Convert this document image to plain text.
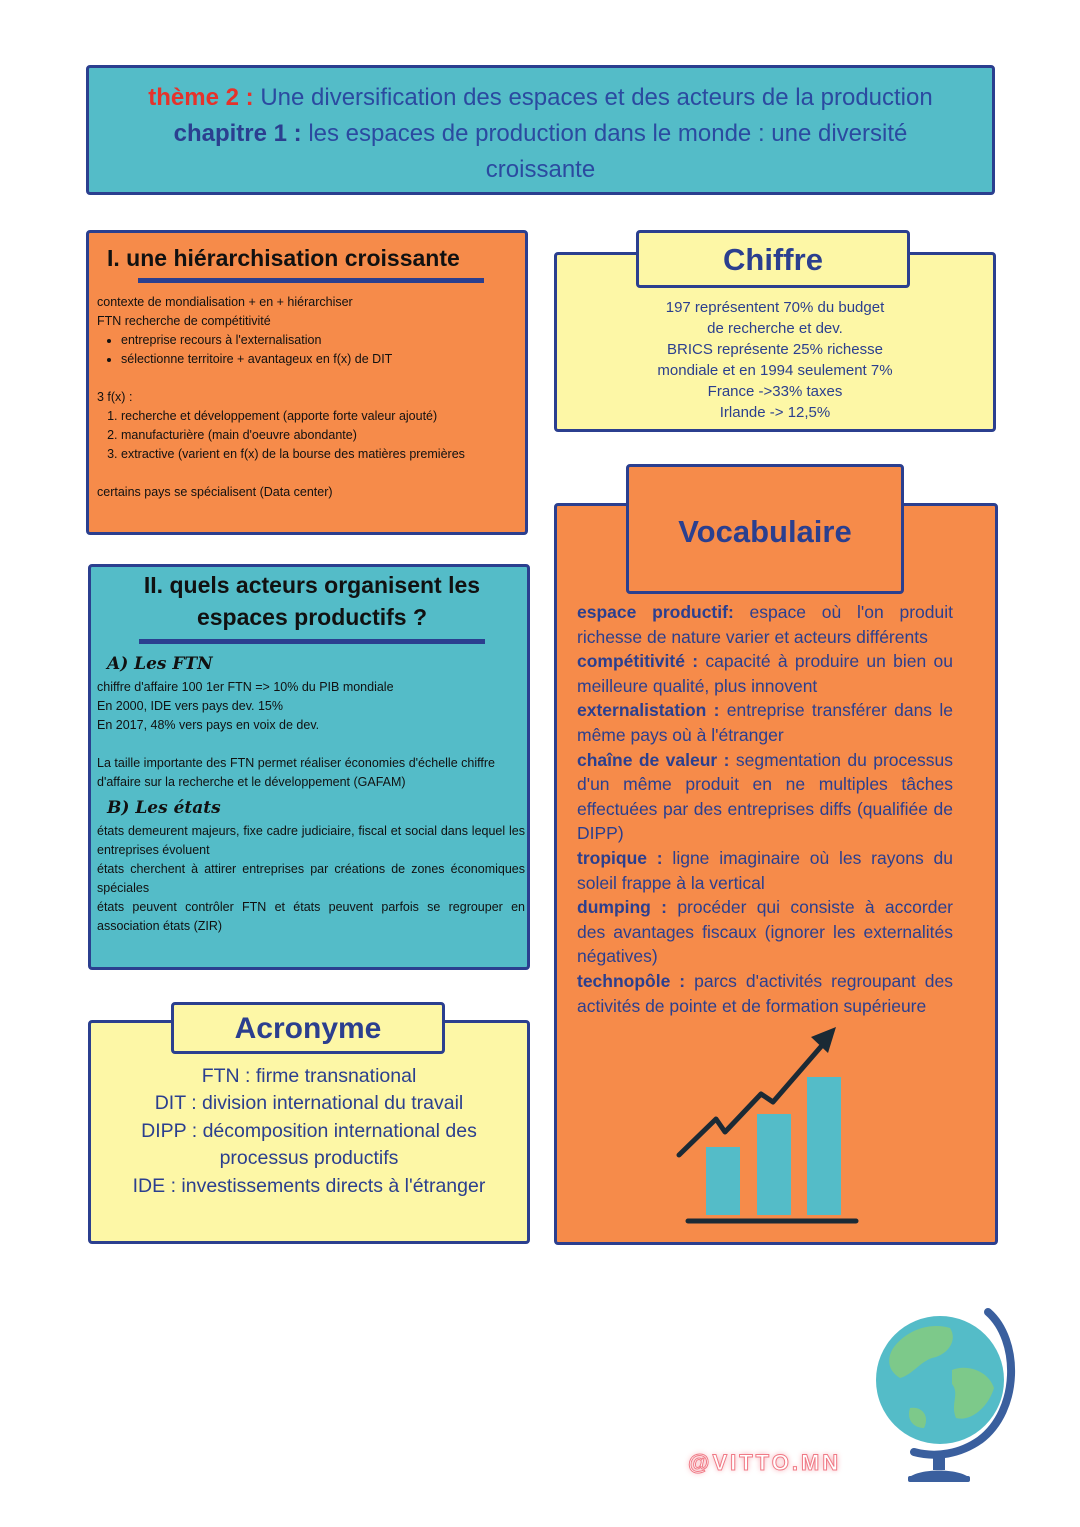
thème 2 : Une diversification des espaces et des acteurs de la production
chapitre 1 : les espaces de production dans le monde : une diversité
croissante
I. une hiérarchisation croissante
contexte de mondialisation + en + hiérarchiser
FTN recherche de compétitivité
• entreprise recours à l'externalisation
• sélectionne territoire + avantageux en f(x) de DIT
3 f(x) :
1. recherche et développement (apporte forte valeur ajouté)
2. manufacturière (main d'oeuvre abondante)
3. extractive (varient en f(x) de la bourse des matières premières
certains pays se spécialisent (Data center)
II. quels acteurs organisent les espaces productifs ?
A) Les FTN
chiffre d'affaire 100 1er FTN => 10% du PIB mondiale
En 2000, IDE vers pays dev. 15%
En 2017, 48% vers pays en voix de dev.
La taille importante des FTN permet réaliser économies d'échelle chiffre d'affaire sur la recherche et le développement (GAFAM)
B) Les états
états demeurent majeurs, fixe cadre judiciaire, fiscal et social dans lequel les entreprises évoluent
états cherchent à attirer entreprises par créations de zones économiques spéciales
états peuvent contrôler FTN et états peuvent parfois se regrouper en association états (ZIR)
197 représentent 70% du budget
de recherche et dev.
BRICS représente 25% richesse
mondiale et en 1994 seulement 7%
France ->33% taxes
Irlande -> 12,5%
Chiffre
espace productif: espace où l'on produit richesse de nature varier et acteurs différents
compétitivité : capacité à produire un bien ou meilleure qualité, plus innovent
externalistation : entreprise transférer dans le même pays où à l'étranger
chaîne de valeur : segmentation du processus d'un même produit en ne multiples tâches effectuées par des entreprises diffs (qualifiée de DIPP)
tropique : ligne imaginaire où les rayons du soleil frappe à la vertical
dumping : procéder qui consiste à accorder des avantages fiscaux (ignorer les externalités négatives)
technopôle : parcs d'activités regroupant des activités de pointe et de formation supérieure
Vocabulaire
FTN : firme transnational
DIT : division international du travail
DIPP : décomposition international des
processus productifs
IDE : investissements directs à l'étranger
Acronyme
@VITTO.MN
